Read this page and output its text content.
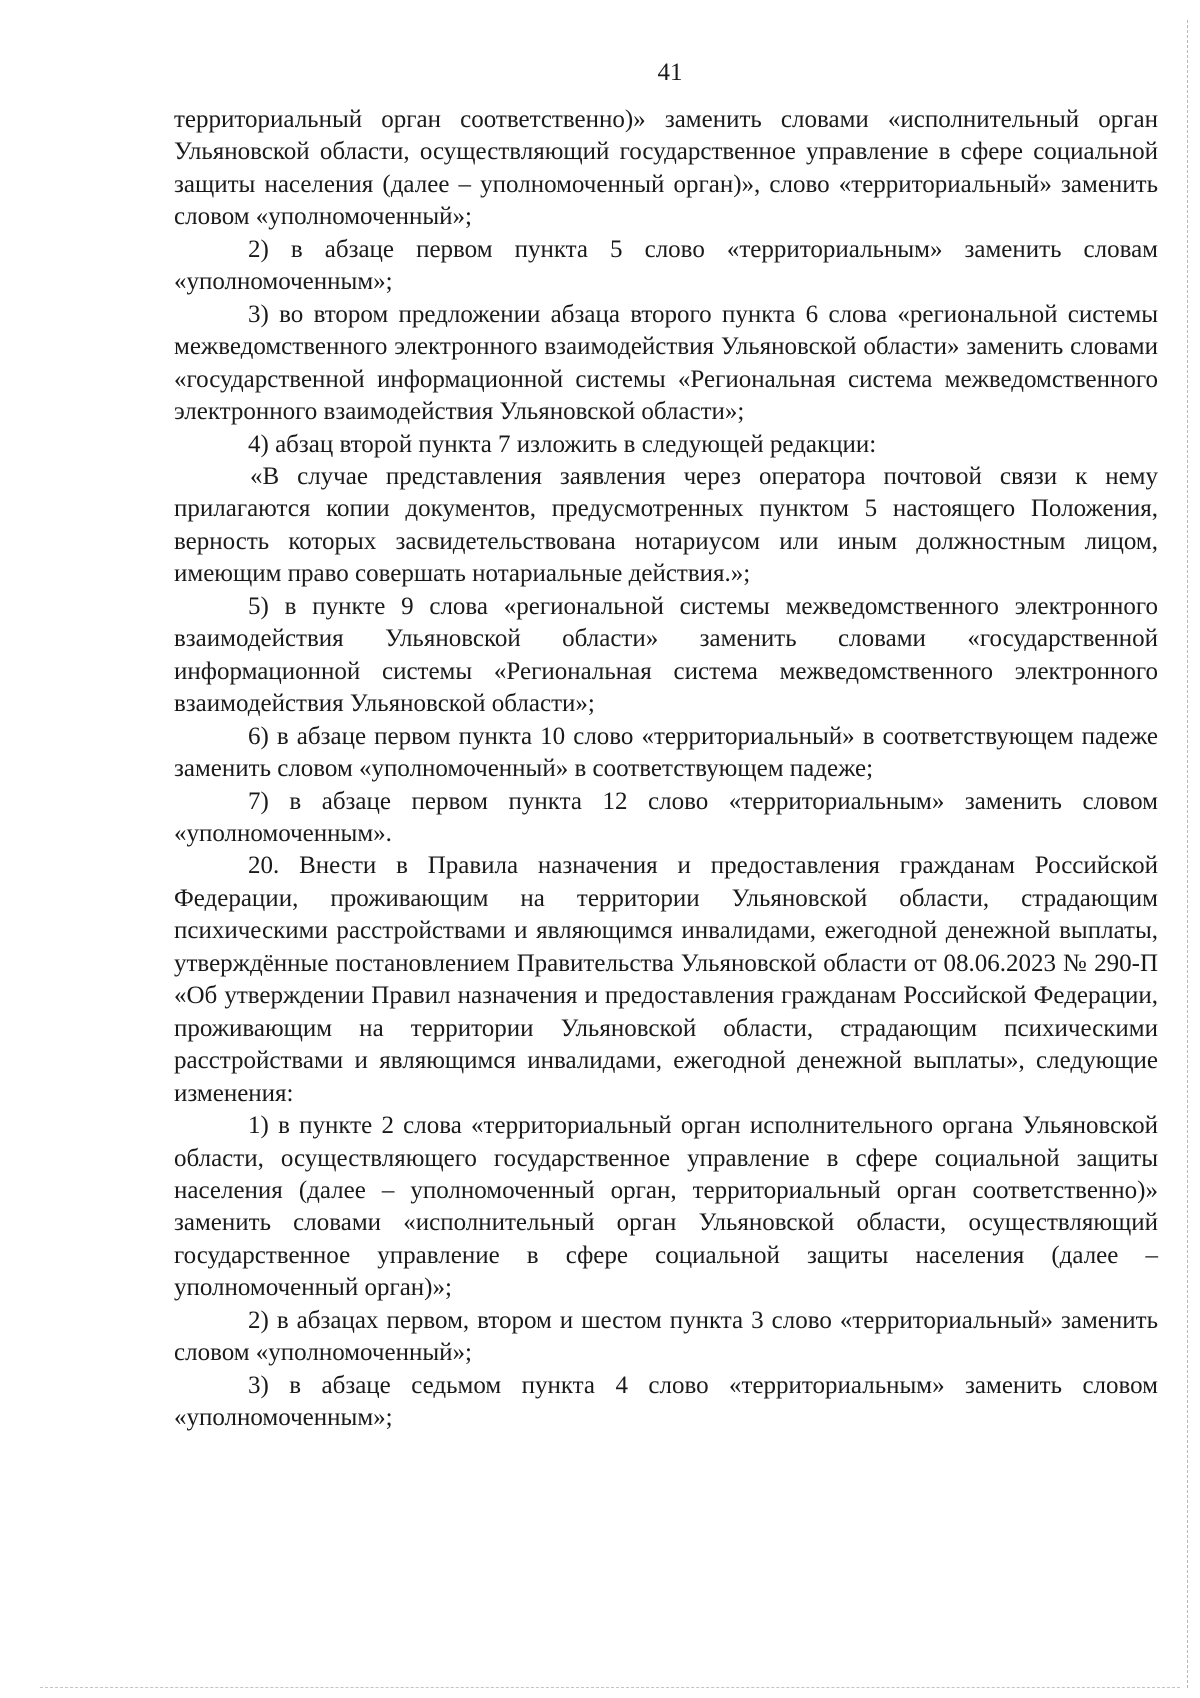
41

территориальный орган соответственно)» заменить словами «исполнительный орган Ульяновской области, осуществляющий государственное управление в сфере социальной защиты населения (далее – уполномоченный орган)», слово «территориальный» заменить словом «уполномоченный»;

2) в абзаце первом пункта 5 слово «территориальным» заменить словам «уполномоченным»;

3) во втором предложении абзаца второго пункта 6 слова «региональной системы межведомственного электронного взаимодействия Ульяновской области» заменить словами «государственной информационной системы «Региональная система межведомственного электронного взаимодействия Ульяновской области»;

4) абзац второй пункта 7 изложить в следующей редакции:

«В случае представления заявления через оператора почтовой связи к нему прилагаются копии документов, предусмотренных пунктом 5 настоящего Положения, верность которых засвидетельствована нотариусом или иным должностным лицом, имеющим право совершать нотариальные действия.»;

5) в пункте 9 слова «региональной системы межведомственного электронного взаимодействия Ульяновской области» заменить словами «государственной информационной системы «Региональная система межведомственного электронного взаимодействия Ульяновской области»;

6) в абзаце первом пункта 10 слово «территориальный» в соответствующем падеже заменить словом «уполномоченный» в соответствующем падеже;

7) в абзаце первом пункта 12 слово «территориальным» заменить словом «уполномоченным».

20. Внести в Правила назначения и предоставления гражданам Российской Федерации, проживающим на территории Ульяновской области, страдающим психическими расстройствами и являющимся инвалидами, ежегодной денежной выплаты, утверждённые постановлением Правительства Ульяновской области от 08.06.2023 № 290-П «Об утверждении Правил назначения и предоставления гражданам Российской Федерации, проживающим на территории Ульяновской области, страдающим психическими расстройствами и являющимся инвалидами, ежегодной денежной выплаты», следующие изменения:

1) в пункте 2 слова «территориальный орган исполнительного органа Ульяновской области, осуществляющего государственное управление в сфере социальной защиты населения (далее – уполномоченный орган, территориальный орган соответственно)» заменить словами «исполнительный орган Ульяновской области, осуществляющий государственное управление в сфере социальной защиты населения (далее – уполномоченный орган)»;

2) в абзацах первом, втором и шестом пункта 3 слово «территориальный» заменить словом «уполномоченный»;

3) в абзаце седьмом пункта 4 слово «территориальным» заменить словом «уполномоченным»;
